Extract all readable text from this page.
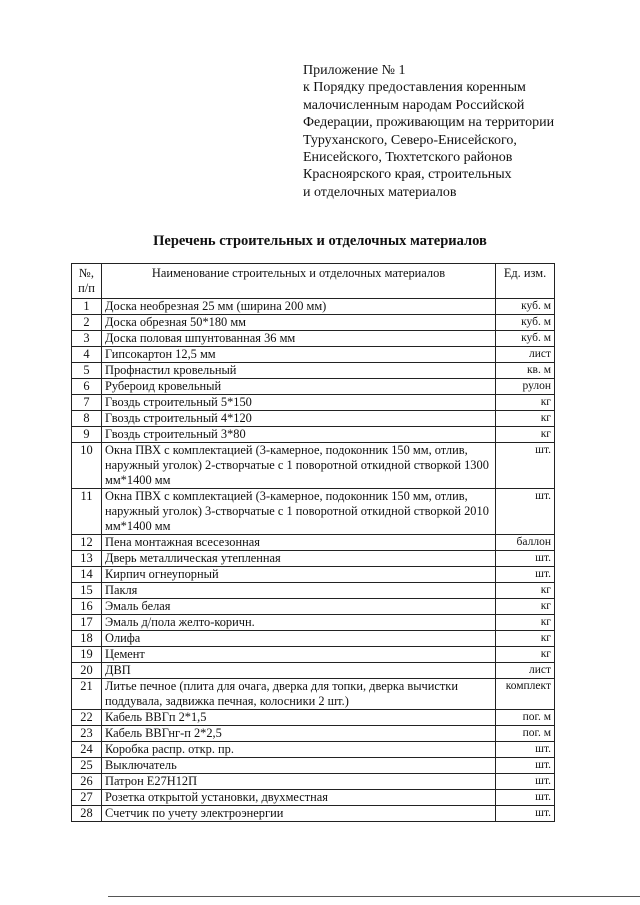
Приложение № 1
к Порядку предоставления коренным
малочисленным народам Российской
Федерации, проживающим на территории
Туруханского, Северо-Енисейского,
Енисейского, Тюхтетского районов
Красноярского края, строительных
и отделочных материалов
Перечень строительных и отделочных материалов
№, п/п	Наименование строительных и отделочных материалов	Ед. изм.
1	Доска необрезная 25 мм (ширина 200 мм)	куб. м
2	Доска обрезная 50*180 мм	куб. м
3	Доска половая шпунтованная 36 мм	куб. м
4	Гипсокартон 12,5 мм	лист
5	Профнастил кровельный	кв. м
6	Рубероид кровельный	рулон
7	Гвоздь строительный 5*150	кг
8	Гвоздь строительный 4*120	кг
9	Гвоздь строительный 3*80	кг
10	Окна ПВХ с комплектацией (3-камерное, подоконник 150 мм, отлив, наружный уголок) 2-створчатые с 1 поворотной откидной створкой 1300 мм*1400 мм	шт.
11	Окна ПВХ с комплектацией (3-камерное, подоконник 150 мм, отлив, наружный уголок) 3-створчатые с 1 поворотной откидной створкой 2010 мм*1400 мм	шт.
12	Пена монтажная всесезонная	баллон
13	Дверь металлическая утепленная	шт.
14	Кирпич огнеупорный	шт.
15	Пакля	кг
16	Эмаль белая	кг
17	Эмаль д/пола желто-коричн.	кг
18	Олифа	кг
19	Цемент	кг
20	ДВП	лист
21	Литье печное (плита для очага, дверка для топки, дверка вычистки поддувала, задвижка печная, колосники 2 шт.)	комплект
22	Кабель ВВГп 2*1,5	пог. м
23	Кабель ВВГнг-п 2*2,5	пог. м
24	Коробка распр. откр. пр.	шт.
25	Выключатель	шт.
26	Патрон Е27Н12П	шт.
27	Розетка открытой установки, двухместная	шт.
28	Счетчик по учету электроэнергии	шт.
